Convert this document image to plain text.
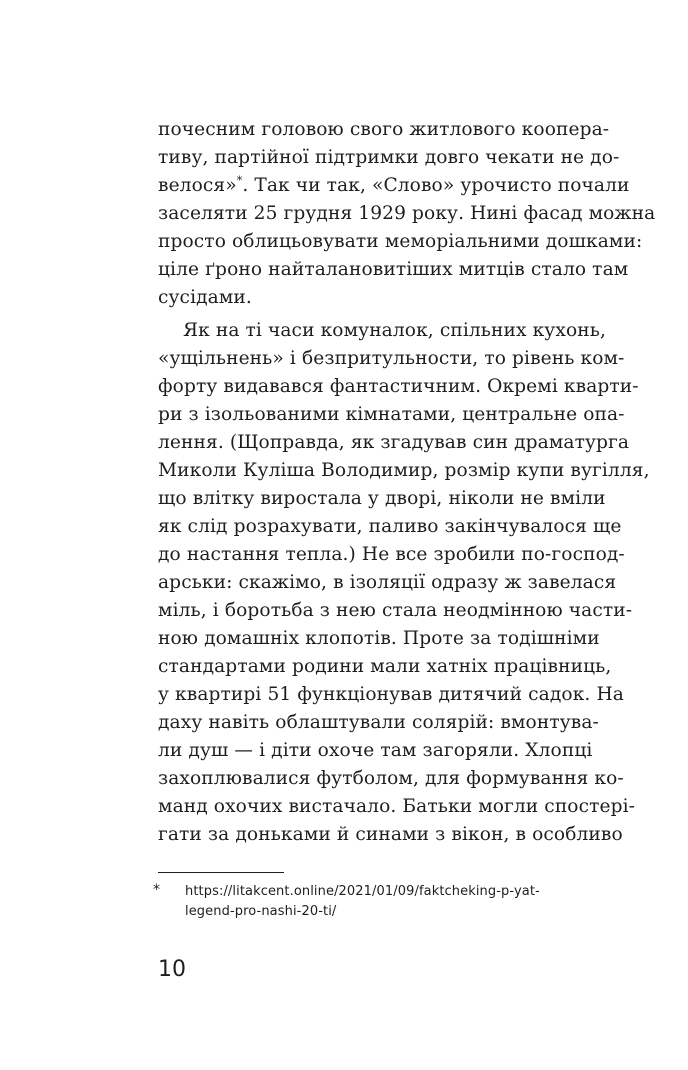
почесним головою свого житлового коопера-
тиву, партійної підтримки довго чекати не до-
велося»*. Так чи так, «Слово» урочисто почали
заселяти 25 грудня 1929 року. Нині фасад можна
просто облицьовувати меморіальними дошками:
ціле ґроно найталановитіших митців стало там
сусідами.
Як на ті часи комуналок, спільних кухонь,
«ущільнень» і безпритульности, то рівень ком-
форту видавався фантастичним. Окремі кварти-
ри з ізольованими кімнатами, центральне опа-
лення. (Щоправда, як згадував син драматурга
Миколи Куліша Володимир, розмір купи вугілля,
що влітку виростала у дворі, ніколи не вміли
як слід розрахувати, паливо закінчувалося ще
до настання тепла.) Не все зробили по-господ-
арськи: скажімо, в ізоляції одразу ж завелася
міль, і боротьба з нею стала неодмінною части-
ною домашніх клопотів. Проте за тодішніми
стандартами родини мали хатніх працівниць,
у квартирі 51 функціонував дитячий садок. На
даху навіть облаштували солярій: вмонтува-
ли душ — і діти охоче там загоряли. Хлопці
захоплювалися футболом, для формування ко-
манд охочих вистачало. Батьки могли спостері-
гати за доньками й синами з вікон, в особливо
* https://litakcent.online/2021/01/09/faktcheking-p-yat-
legend-pro-nashi-20-ti/
10
